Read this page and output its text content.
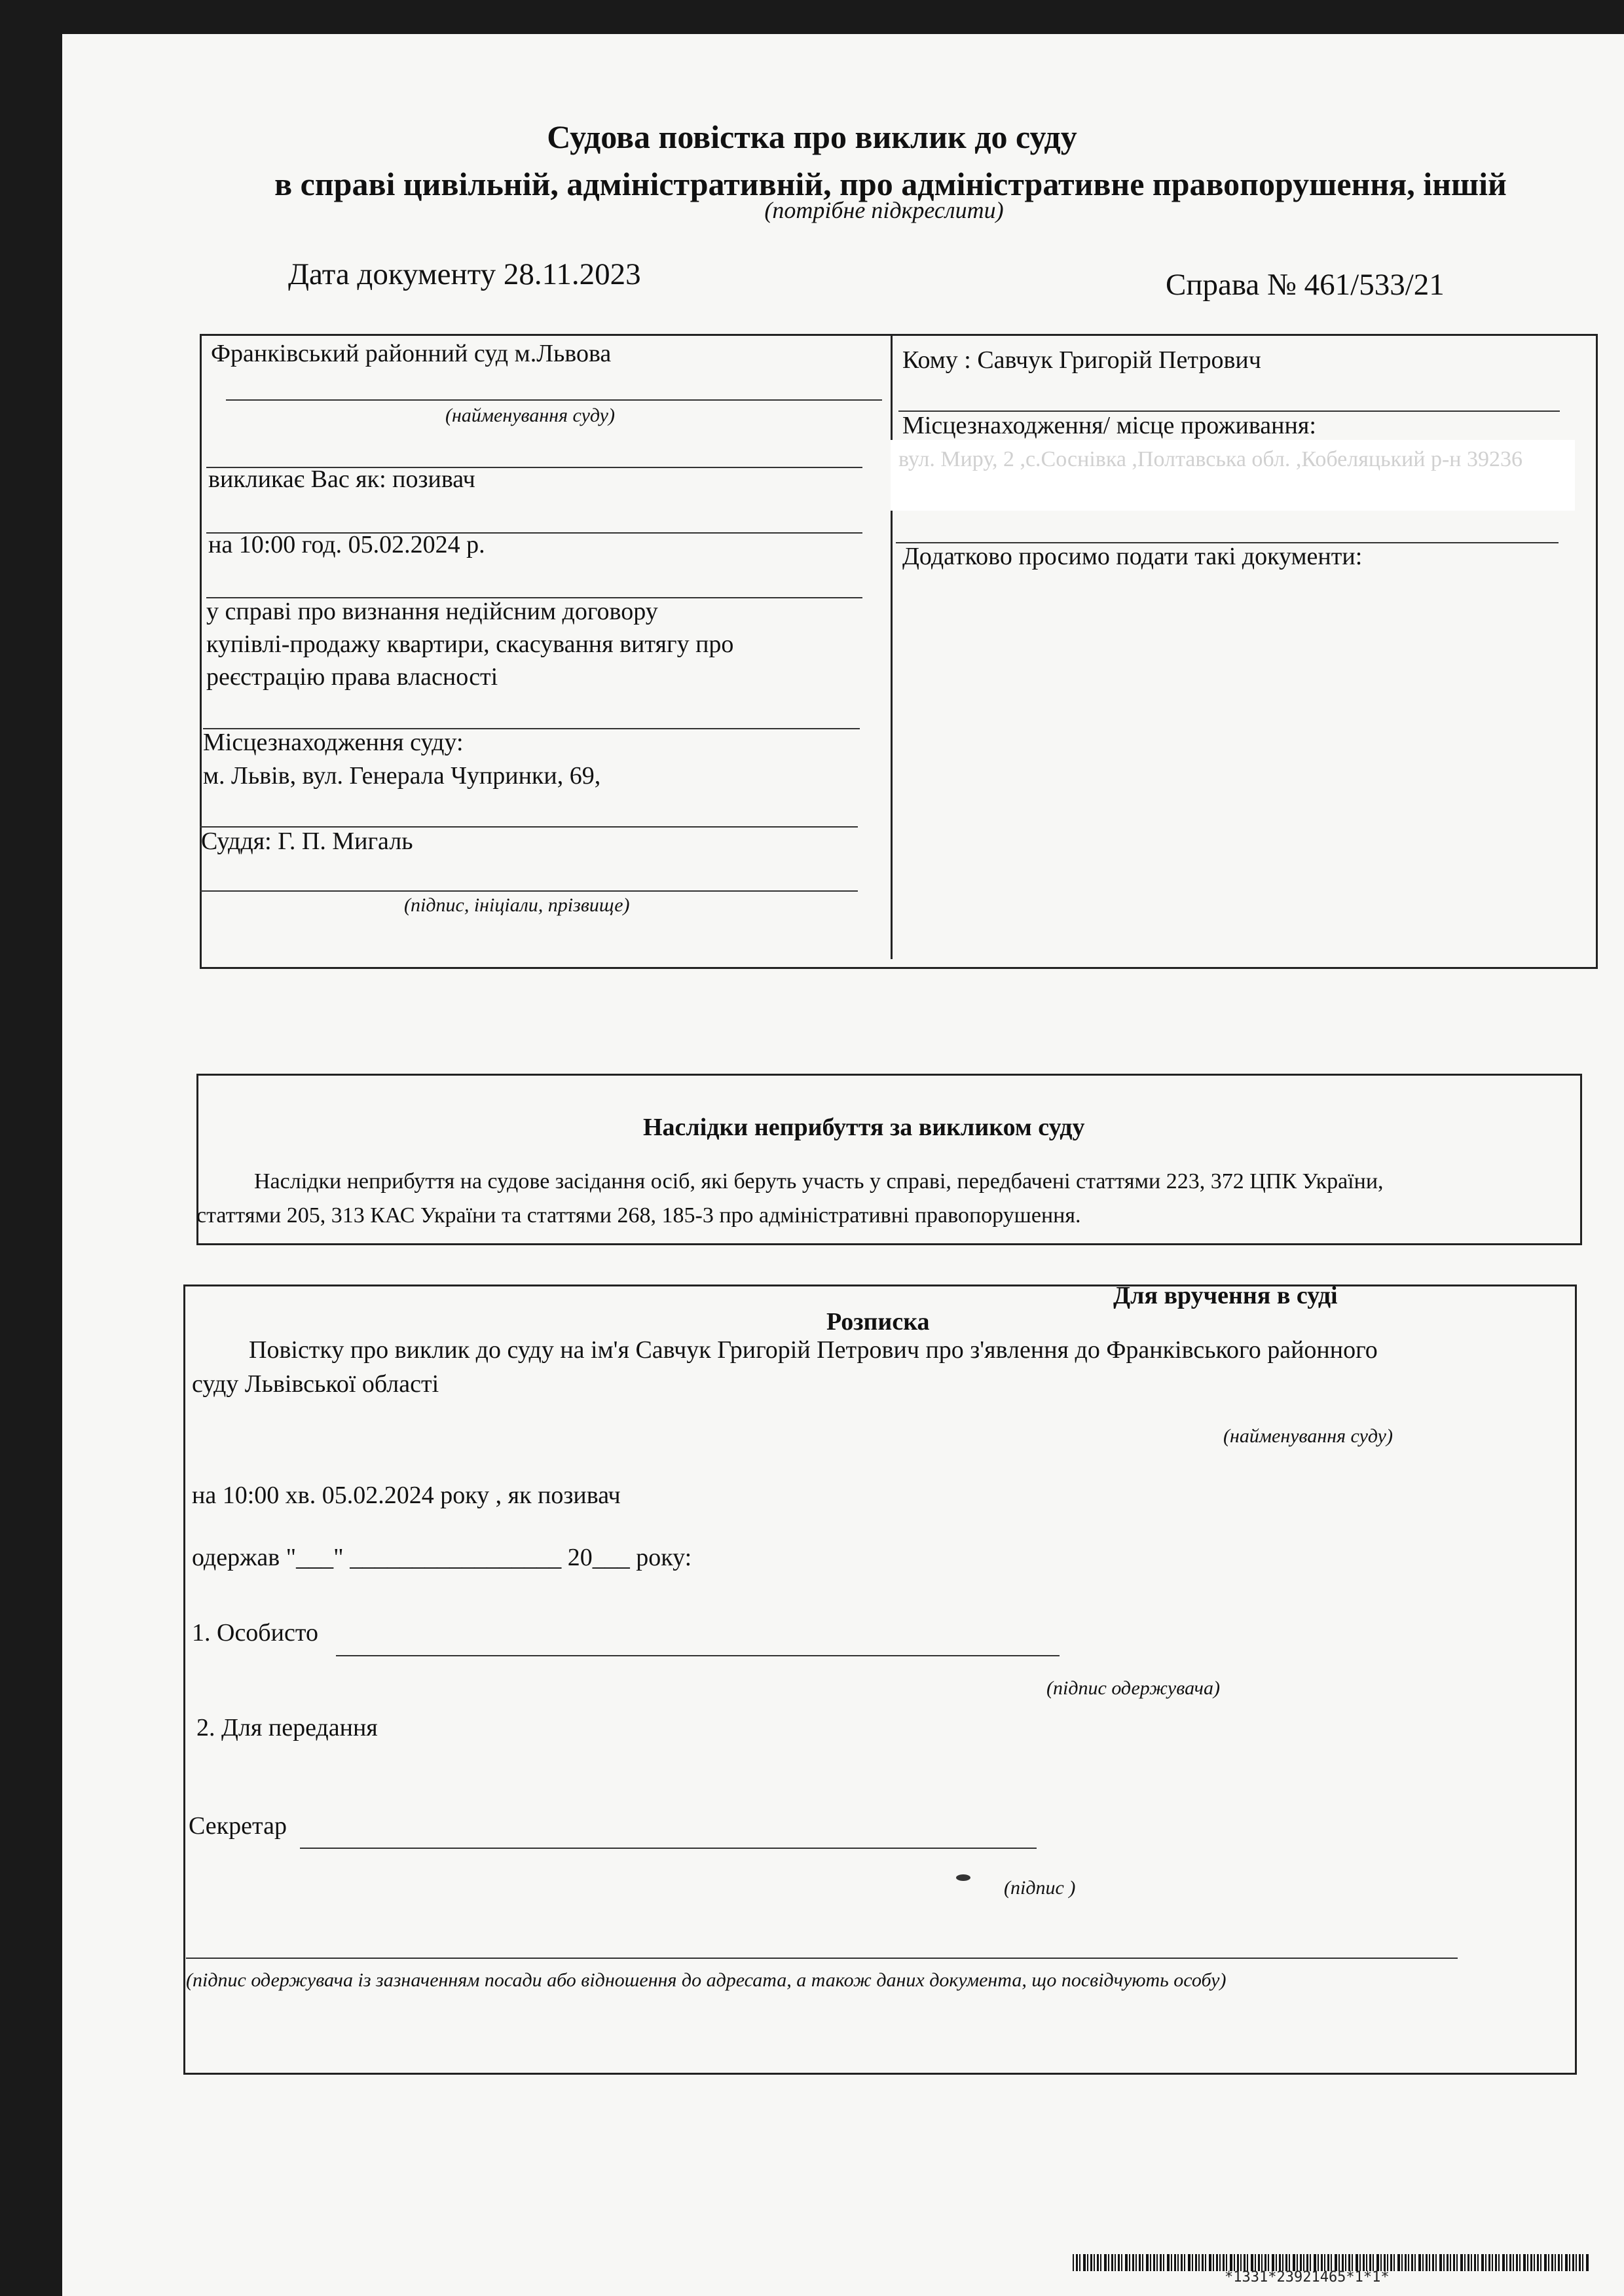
Судова повістка про виклик до суду
в справі цивільній, адміністративній, про адміністративне правопорушення, іншій
(потрібне підкреслити)
Дата документу 28.11.2023	Справа № 461/533/21
Франківський районний суд м.Львова
(найменування суду)
викликає Вас як: позивач
на 10:00 год. 05.02.2024 р.
у справі про визнання недійсним договору
купівлі-продажу квартири, скасування витягу про
реєстрацію права власності
Місцезнаходження суду:
м. Львів, вул. Генерала Чупринки, 69,
Суддя: Г. П. Мигаль
(підпис, ініціали, прізвище)
Кому : Савчук Григорій Петрович
Місцезнаходження/ місце проживання:
вул. Миру, 2 ,с.Соснівка ,Полтавська обл. ,Кобеляцький р-н 39236
Додатково просимо подати такі документи:
Наслідки неприбуття за викликом суду
Наслідки неприбуття на судове засідання осіб, які беруть участь у справі, передбачені статтями 223, 372 ЦПК України,
статтями 205, 313 КАС України та статтями 268, 185-3 про адміністративні правопорушення.
Для вручення в суді
Розписка
Повістку про виклик до суду на ім'я Савчук Григорій Петрович про з'явлення до Франківського районного
суду Львівської області
(найменування суду)
на 10:00 хв. 05.02.2024 року , як позивач
одержав "___" _________________ 20___ року:
1. Особисто
(підпис одержувача)
2. Для передання
Секретар
(підпис )
(підпис одержувача із зазначенням посади або відношення до адресата, а також даних документа, що посвідчують особу)
*1331*23921465*1*1*
